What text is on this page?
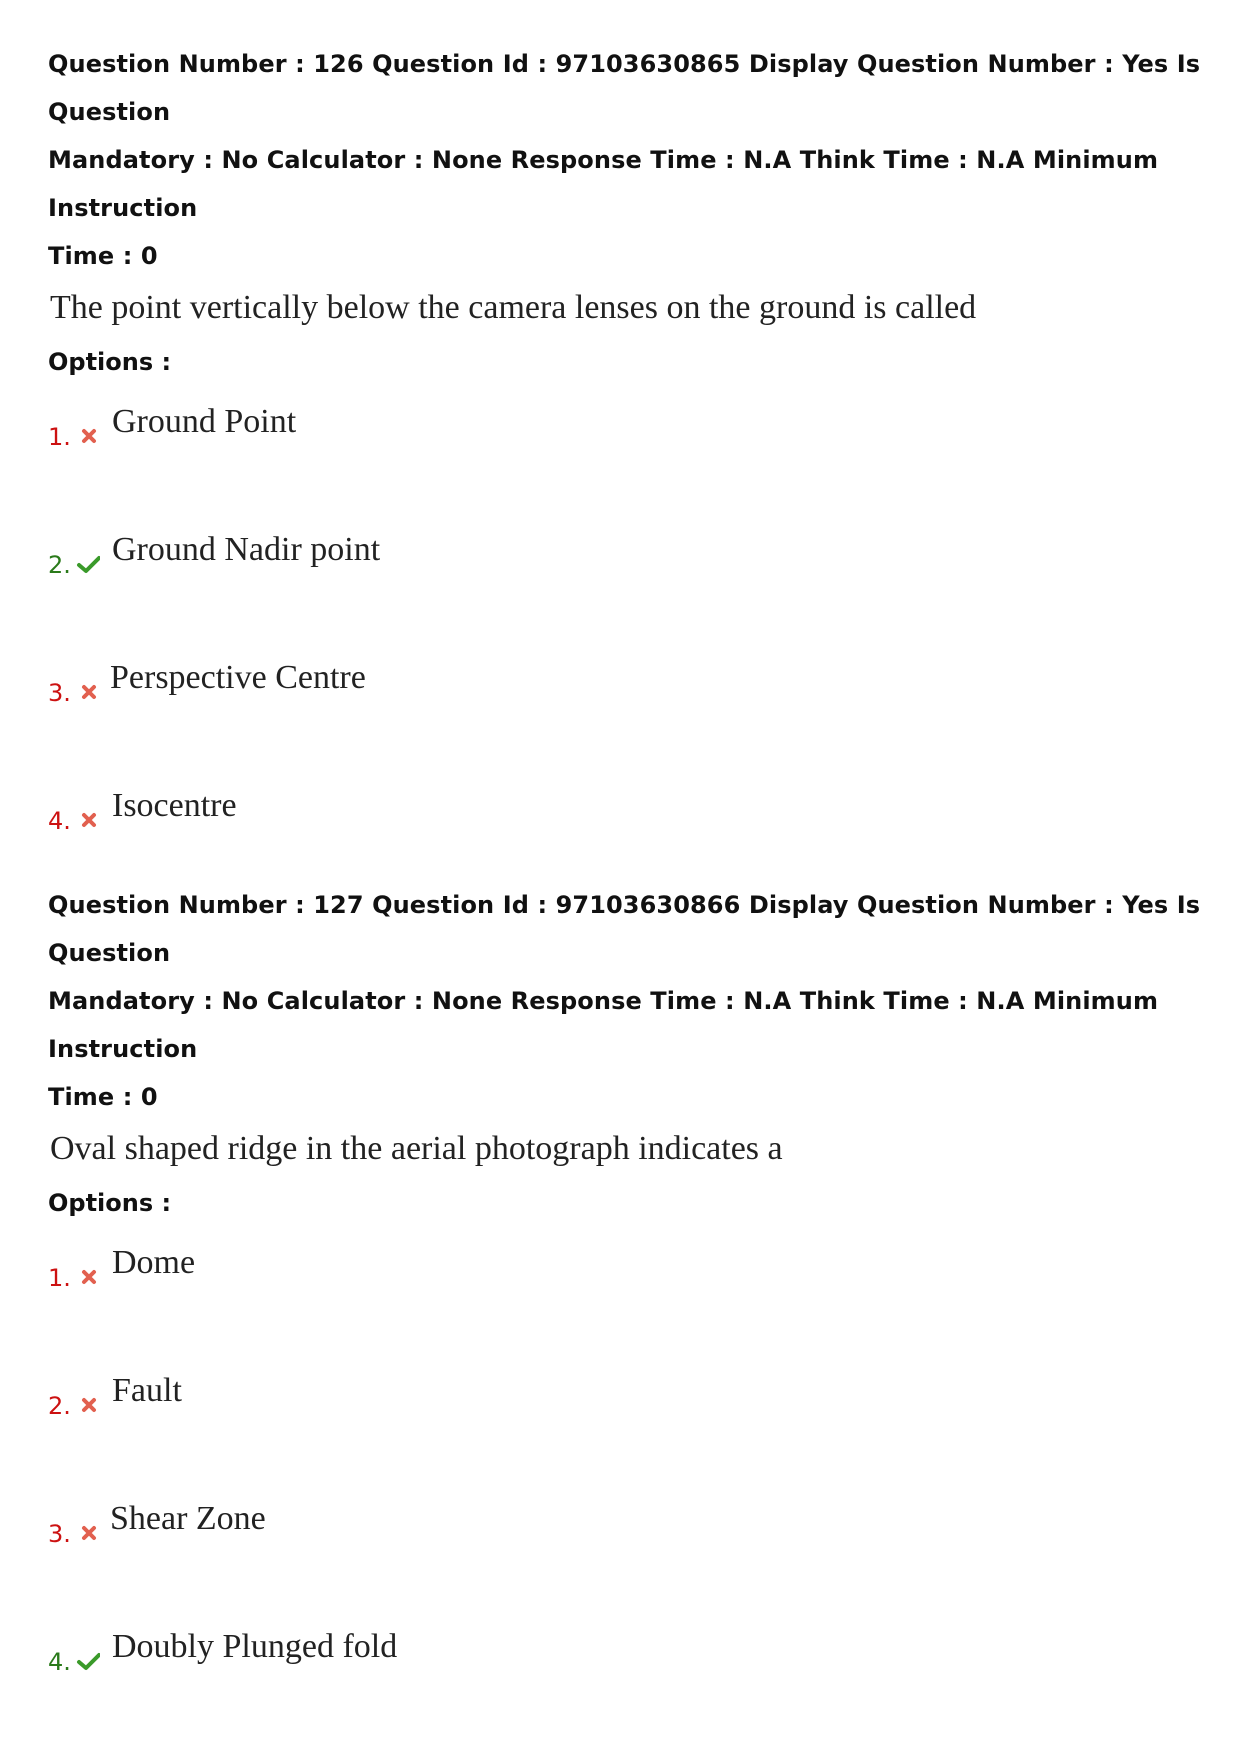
Question Number : 126 Question Id : 97103630865 Display Question Number : Yes Is Question

Mandatory : No Calculator : None Response Time : N.A Think Time : N.A Minimum Instruction

Time : 0

The point vertically below the camera lenses on the ground is called
Options :
1. Ground Point
2. Ground Nadir point
3. Perspective Centre
4. Isocentre

Question Number : 127 Question Id : 97103630866 Display Question Number : Yes Is Question

Mandatory : No Calculator : None Response Time : N.A Think Time : N.A Minimum Instruction

Time : 0

Oval shaped ridge in the aerial photograph indicates a
Options :
1. Dome
2. Fault
3. Shear Zone
4. Doubly Plunged fold
